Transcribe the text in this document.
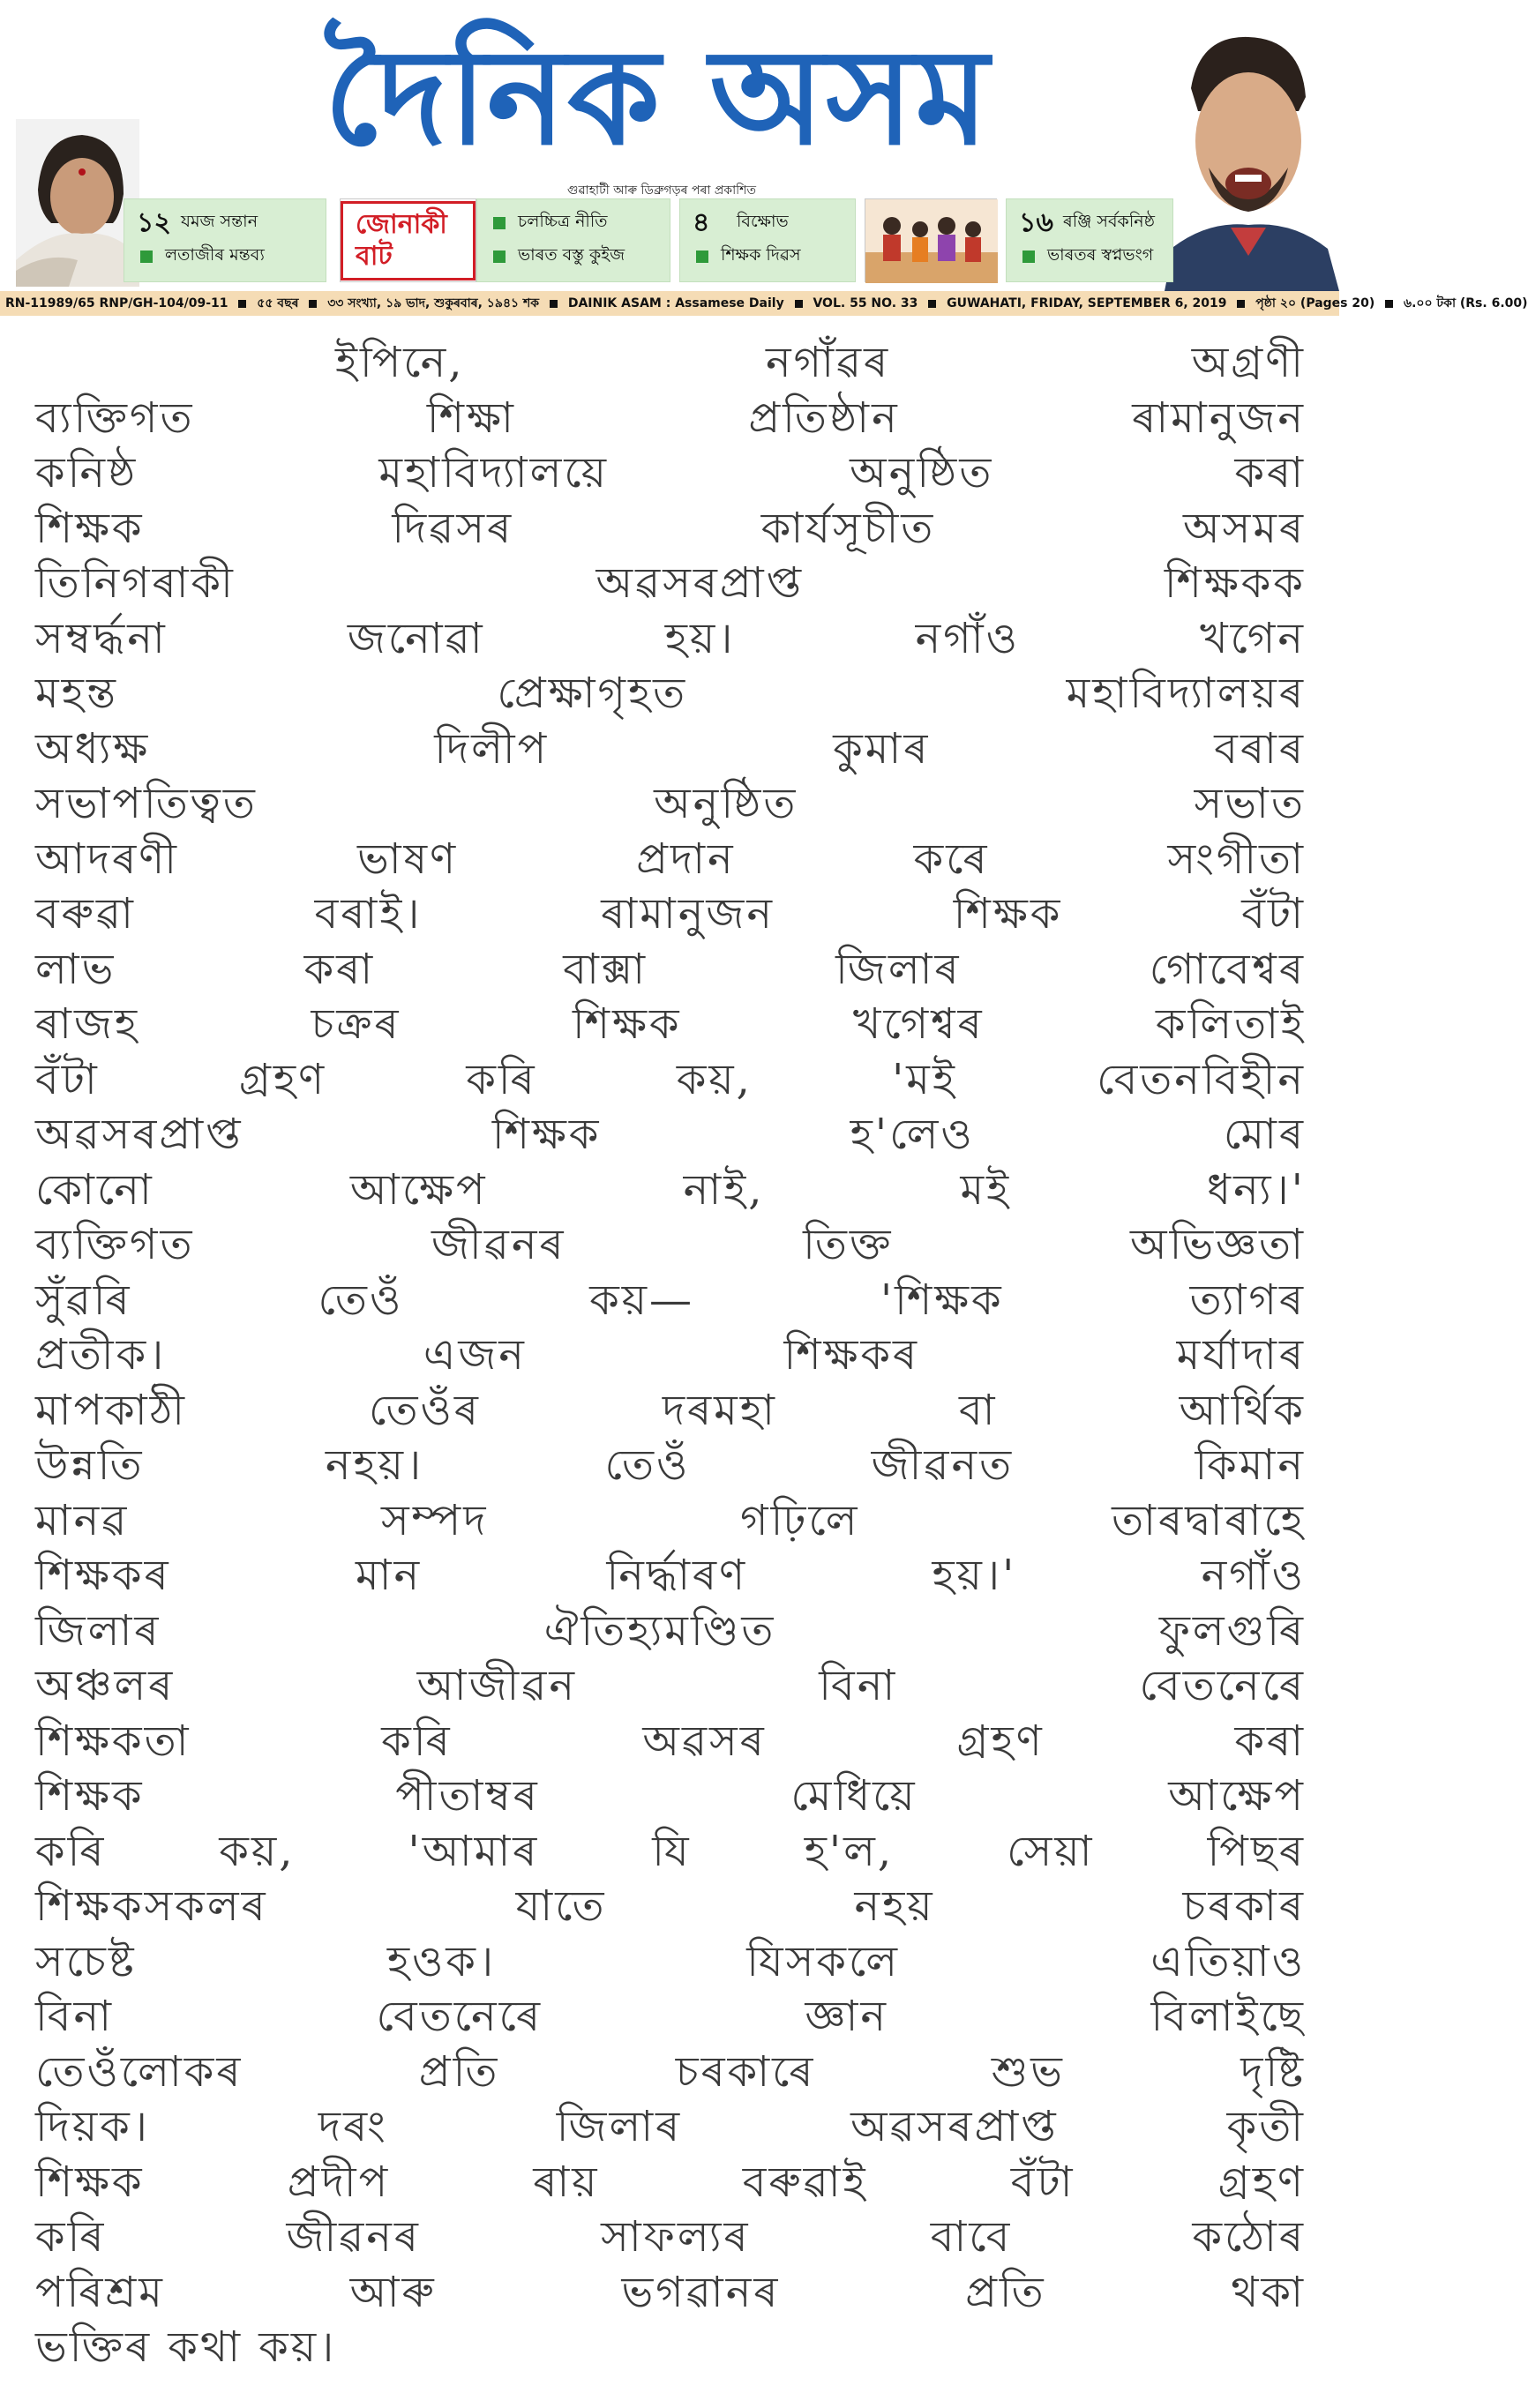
দৈনিক অসম
গুৱাহাটী আৰু ডিব্ৰুগড়ৰ পৰা প্ৰকাশিত
১২ যমজ সন্তান
লতাজীৰ মন্তব্য
জোনাকী বাট
চলচ্চিত্ৰ নীতি
ভাৰত বস্তু কুইজ
৪	বিক্ষোভ
শিক্ষক দিৱস
১৬ ৰঞ্জি সৰ্বকনিষ্ঠ
ভাৰতৰ স্বপ্নভংগ
RN-11989/65 RNP/GH-104/09-11 ৫৫ বছৰ ৩৩ সংখ্যা, ১৯ ভাদ, শুকুৰবাৰ, ১৯৪১ শক DAINIK ASAM : Assamese Daily VOL. 55 NO. 33 GUWAHATI, FRIDAY, SEPTEMBER 6, 2019 পৃষ্ঠা ২০ (Pages 20) ৬.০০ টকা (Rs. 6.00)

ইপিনে, নগাঁৱৰ অগ্ৰণী

ব্যক্তিগত শিক্ষা প্ৰতিষ্ঠান ৰামানুজন

কনিষ্ঠ মহাবিদ্যালয়ে অনুষ্ঠিত কৰা

শিক্ষক দিৱসৰ কাৰ্যসূচীত অসমৰ

তিনিগৰাকী অৱসৰপ্ৰাপ্ত শিক্ষকক

সম্বৰ্দ্ধনা জনোৱা হয়। নগাঁও খগেন

মহন্ত প্ৰেক্ষাগৃহত মহাবিদ্যালয়ৰ

অধ্যক্ষ দিলীপ কুমাৰ বৰাৰ

সভাপতিত্বত অনুষ্ঠিত সভাত

আদৰণী ভাষণ প্ৰদান কৰে সংগীতা

বৰুৱা বৰাই। ৰামানুজন শিক্ষক বঁটা

লাভ কৰা বাক্সা জিলাৰ গোবেশ্বৰ

ৰাজহ চক্ৰৰ শিক্ষক খগেশ্বৰ কলিতাই

বঁটা গ্ৰহণ কৰি কয়, 'মই বেতনবিহীন

অৱসৰপ্ৰাপ্ত শিক্ষক হ'লেও মোৰ

কোনো আক্ষেপ নাই, মই ধন্য।'

ব্যক্তিগত জীৱনৰ তিক্ত অভিজ্ঞতা

সুঁৱৰি তেওঁ কয়— 'শিক্ষক ত্যাগৰ

প্ৰতীক। এজন শিক্ষকৰ মৰ্যাদাৰ

মাপকাঠী তেওঁৰ দৰমহা বা আৰ্থিক

উন্নতি নহয়। তেওঁ জীৱনত কিমান

মানৱ সম্পদ গঢ়িলে তাৰদ্বাৰাহে

শিক্ষকৰ মান নিৰ্দ্ধাৰণ হয়।' নগাঁও

জিলাৰ ঐতিহ্যমণ্ডিত ফুলগুৰি

অঞ্চলৰ আজীৱন বিনা বেতনেৰে

শিক্ষকতা কৰি অৱসৰ গ্ৰহণ কৰা

শিক্ষক পীতাম্বৰ মেধিয়ে আক্ষেপ

কৰি কয়, 'আমাৰ যি হ'ল, সেয়া পিছৰ

শিক্ষকসকলৰ যাতে নহয় চৰকাৰ

সচেষ্ট হওক। যিসকলে এতিয়াও

বিনা বেতনেৰে জ্ঞান বিলাইছে

তেওঁলোকৰ প্ৰতি চৰকাৰে শুভ দৃষ্টি

দিয়ক। দৰং জিলাৰ অৱসৰপ্ৰাপ্ত কৃতী

শিক্ষক প্ৰদীপ ৰায় বৰুৱাই বঁটা গ্ৰহণ

কৰি জীৱনৰ সাফল্যৰ বাবে কঠোৰ

পৰিশ্ৰম আৰু ভগৱানৰ প্ৰতি থকা

ভক্তিৰ কথা কয়।
